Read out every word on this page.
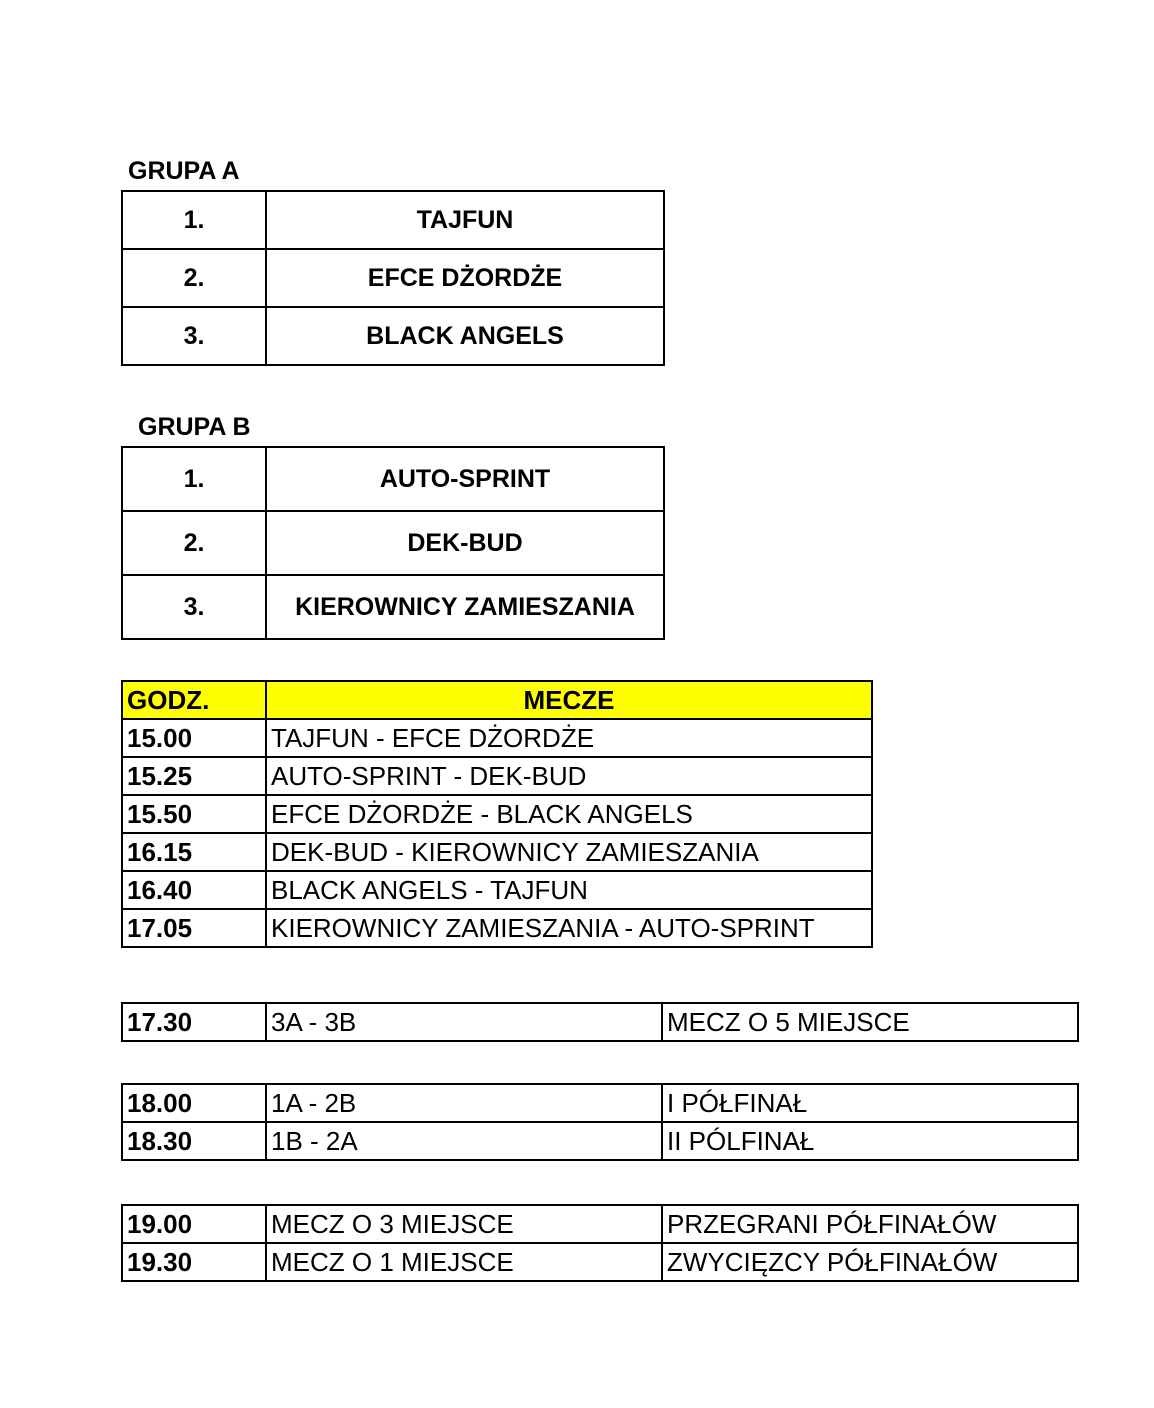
GRUPA A
1.	TAJFUN
2.	EFCE DŻORDŻE
3.	BLACK ANGELS
GRUPA B
1.	AUTO-SPRINT
2.	DEK-BUD
3.	KIEROWNICY ZAMIESZANIA
GODZ.	MECZE
15.00	TAJFUN - EFCE DŻORDŻE
15.25	AUTO-SPRINT - DEK-BUD
15.50	EFCE DŻORDŻE - BLACK ANGELS
16.15	DEK-BUD - KIEROWNICY ZAMIESZANIA
16.40	BLACK ANGELS - TAJFUN
17.05	KIEROWNICY ZAMIESZANIA - AUTO-SPRINT
17.30	3A - 3B	MECZ O 5 MIEJSCE
18.00	1A - 2B	I PÓŁFINAŁ
18.30	1B - 2A	II PÓLFINAŁ
19.00	MECZ O 3 MIEJSCE	PRZEGRANI PÓŁFINAŁÓW
19.30	MECZ O 1 MIEJSCE	ZWYCIĘZCY PÓŁFINAŁÓW
